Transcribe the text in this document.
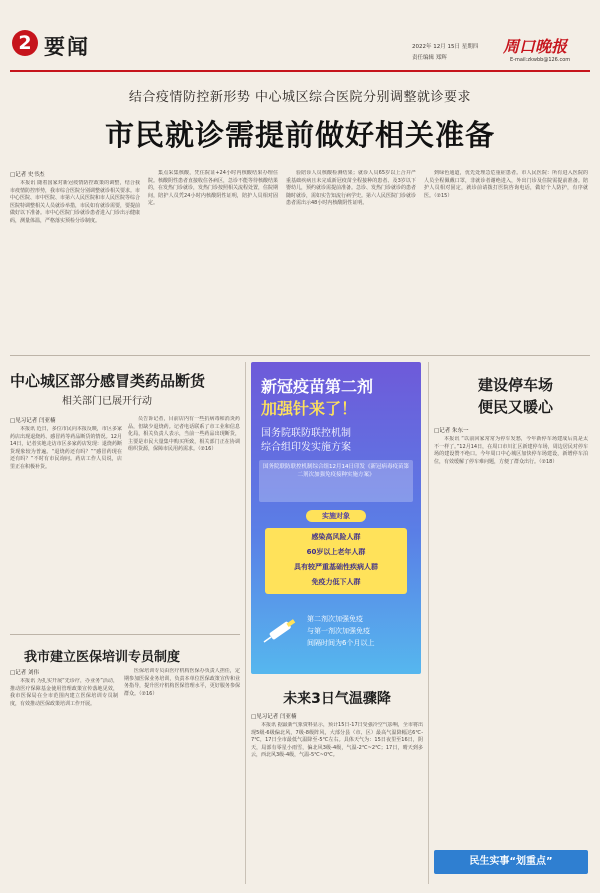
2 要闻	2022年 12月 15日 星期四
责任编辑 郑辉
周口晚报
E-mail:zkwbb@126.com
结合疫情防控新形势 中心城区综合医院分别调整就诊要求
市民就诊需提前做好相关准备
□记者 史书杰
本报讯 随着国家对新冠疫情防控政策的调整，结合我市疫情防控形势，我市综合医院分别调整就诊相关要求。市中心医院、市中医院、市第六人民医院和市人民医院等综合医院特调整相关人员就诊举措，市民如有就诊需要，要提前做好以下准备。市中心医院门诊就诊患者进入门诊出示健康码，测量体温，严格落实预检分诊制度。
集点采集核酸，凭住院证+24小时内核酸结果办理住院。核酸阴性患者直接收住各病区，急诊不能等待核酸结果的，在发热门诊就诊，发热门诊按照相关流程处置，住院期间，陪护人员凭24小时内核酸阴性证明，陪护人员相对固定。
验陪诊人员核酸检测结果；就诊人员65岁以上合并严重基础疾病且未完成新冠疫苗全程接种的患者、及3岁以下婴幼儿，预约就诊需提前准备。急诊、发热门诊就诊的患者随时就诊，需如实告知流行病学史。第六人民医院门诊就诊患者需出示48小时内核酸阴性证明。
到绿色通道，优先处理急危重症患者。市人民医院：所有进入医院的人员全程佩戴口罩，非就诊者谢绝进入，外出门诊及住院需提前准备。陪护人员相对固定，就诊前请拨打医院咨询电话，做好个人防护，有序就医。（②15）
中心城区部分感冒类药品断货
相关部门已展开行动
□见习记者 闫亚楠
本报讯 近日，多位市民向本报反映，市区多家药店出现退烧药、感冒药等药品断货的情况。12月14日，记者实地走访市区多家药店发现：退烧药断货现象较为普遍。“退烧药还有吗？”“感冒药现在还有吗？”不时有市民询问。药店工作人员说，店里正在积极补货。
员告诉记者，目前店内有一些抗病毒和消炎药品，但缺少退烧药。记者电话联系了市工业和信息化局，相关负责人表示，当前一些药品出现断货，主要是市民大量集中购买所致，相关部门正在协调组织货源，保障市民用药需求。（②16）
我市建立医保培训专员制度
□记者 刘伟
本报讯 为扎实开展“先诊疗，办业务”活动，推动医疗保障基金使用管理政策宣传落地见效，我市医保局在全市范围内建立医保培训专员制度，有效推动医保政策培训工作开展。
医保培训专员由医疗机构医保办负责人担任，定期参加医保业务培训，负责本单位医保政策宣传和业务指导，提升医疗机构医保管理水平，更好服务参保群众。（②16）
新冠疫苗第二剂
加强针来了！
国务院联防联控机制
综合组印发实施方案
国务院联防联控机制综合组12月14日印发《新冠病毒疫苗第二剂次加强免疫接种实施方案》
实施对象
感染高风险人群
60岁以上老年人群
具有较严重基础性疾病人群
免疫力低下人群
第二剂次加强免疫
与第一剂次加强免疫
间隔时间为6个月以上
未来3日气温骤降
□见习记者 闫亚楠
本报讯 据最新气象资料显示，预计15日-17日受强冷空气影响，全市将出现5级-6级偏北风，7级-8级阵风，大部分县（市、区）最高气温降幅达6℃-7℃，17日全市最低气温降至-5℃左右。具体天气为：15日夜里至16日，阴天，局部有零星小雨雪，偏北风3级-4级，气温-2℃~2℃；17日，晴天到多云，西北风3级-4级，气温-5℃~0℃。
建设停车场
便民又暖心
□记者 朱东一
本报讯 “以前回家常常为停车发愁，今年新停车场建成后真是太不一样了。”12月14日，在周口市川汇区新建停车场，周边居民对停车场的建设赞不绝口。今年周口中心城区加快停车场建设，新增停车泊位，有效缓解了停车难问题，方便了群众出行。（②18）
民生实事“划重点”
